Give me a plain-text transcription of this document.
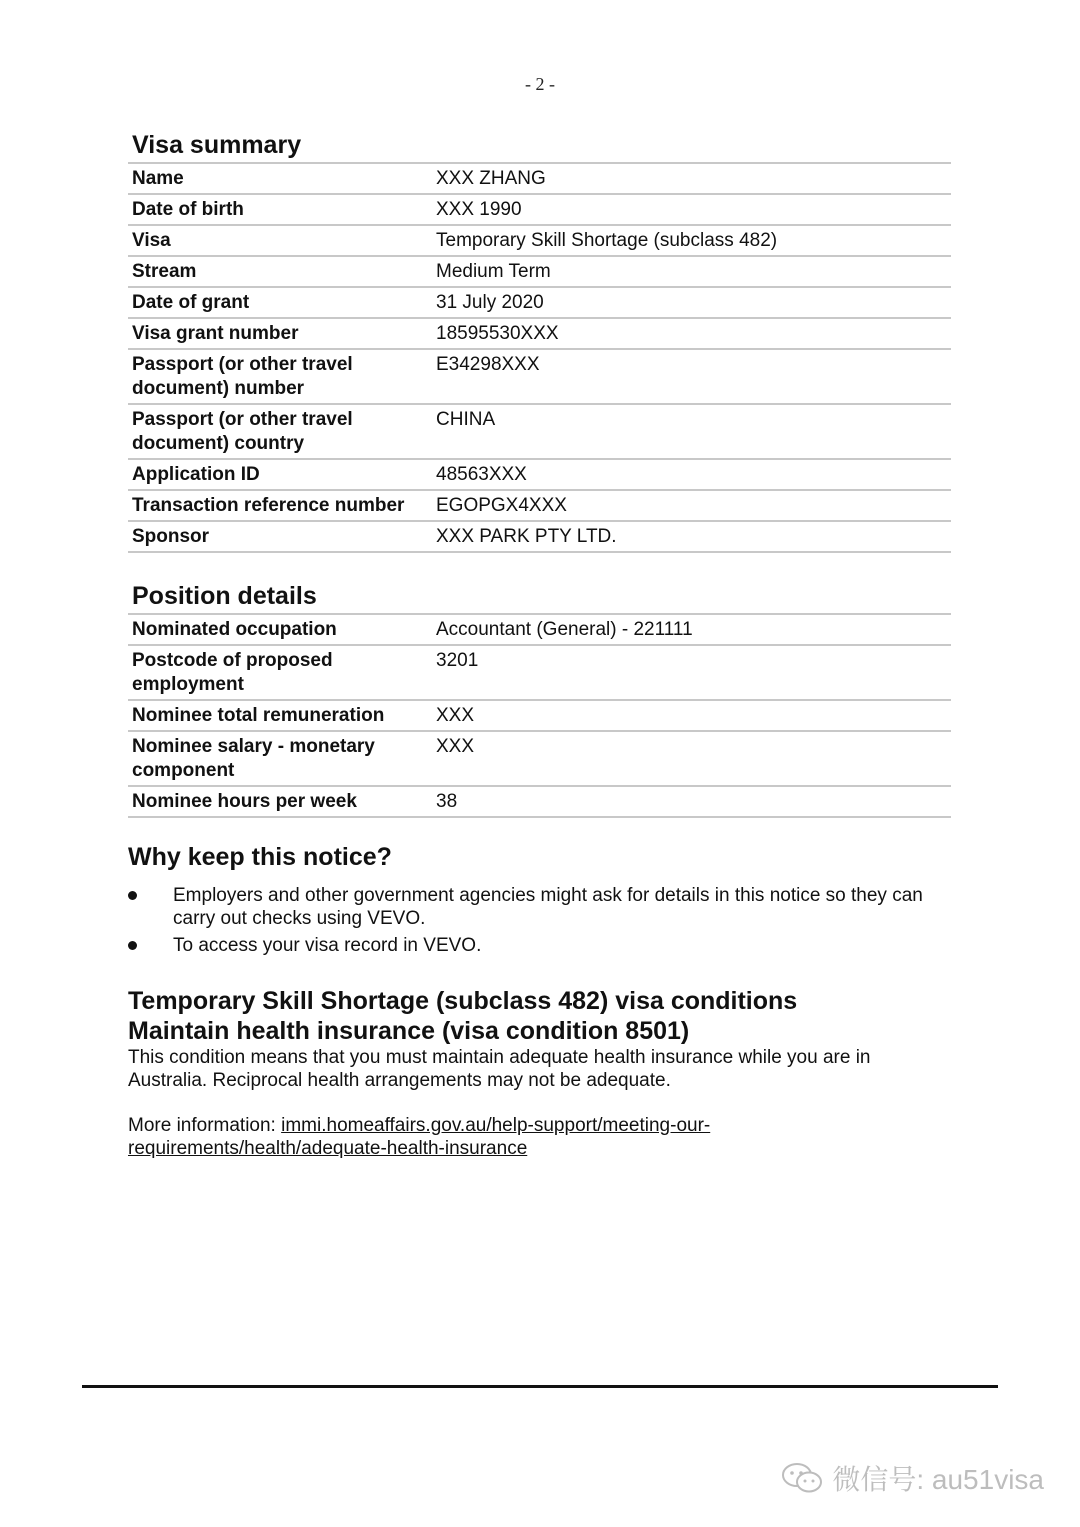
- 2 -
Visa summary
Name	XXX ZHANG
Date of birth	XXX 1990
Visa	Temporary Skill Shortage (subclass 482)
Stream	Medium Term
Date of grant	31 July 2020
Visa grant number	18595530XXX
Passport (or other travel document) number	E34298XXX
Passport (or other travel document) country	CHINA
Application ID	48563XXX
Transaction reference number	EGOPGX4XXX
Sponsor	XXX PARK PTY LTD.
Position details
Nominated occupation	Accountant (General) - 221111
Postcode of proposed employment	3201
Nominee total remuneration	XXX
Nominee salary - monetary component	XXX
Nominee hours per week	38
Why keep this notice?
Employers and other government agencies might ask for details in this notice so they can carry out checks using VEVO.
To access your visa record in VEVO.
Temporary Skill Shortage (subclass 482) visa conditions
Maintain health insurance (visa condition 8501)
This condition means that you must maintain adequate health insurance while you are in Australia. Reciprocal health arrangements may not be adequate.
More information: immi.homeaffairs.gov.au/help-support/meeting-our-requirements/health/adequate-health-insurance
微信号: au51visa
